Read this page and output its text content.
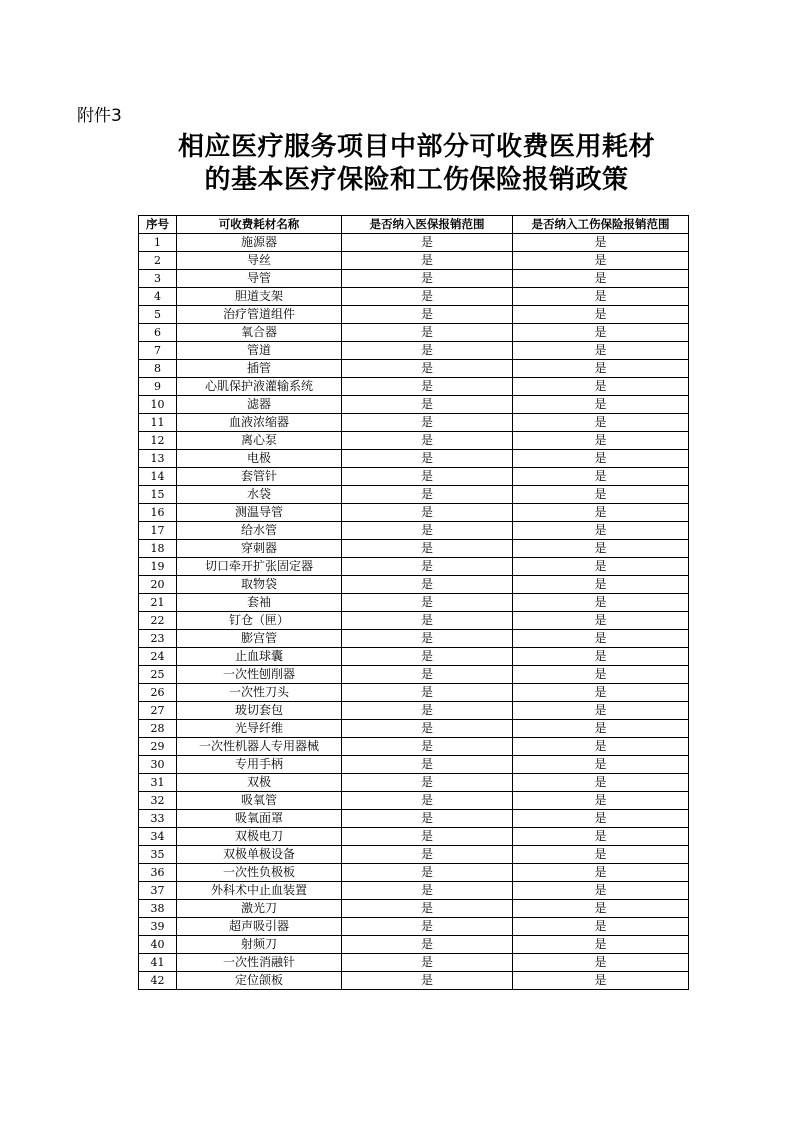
附件3
相应医疗服务项目中部分可收费医用耗材
的基本医疗保险和工伤保险报销政策
序号	可收费耗材名称	是否纳入医保报销范围	是否纳入工伤保险报销范围
1	施源器	是	是
2	导丝	是	是
3	导管	是	是
4	胆道支架	是	是
5	治疗管道组件	是	是
6	氧合器	是	是
7	管道	是	是
8	插管	是	是
9	心肌保护液灌输系统	是	是
10	滤器	是	是
11	血液浓缩器	是	是
12	离心泵	是	是
13	电极	是	是
14	套管针	是	是
15	水袋	是	是
16	测温导管	是	是
17	给水管	是	是
18	穿刺器	是	是
19	切口牵开扩张固定器	是	是
20	取物袋	是	是
21	套袖	是	是
22	钉仓（匣）	是	是
23	膨宫管	是	是
24	止血球囊	是	是
25	一次性刨削器	是	是
26	一次性刀头	是	是
27	玻切套包	是	是
28	光导纤维	是	是
29	一次性机器人专用器械	是	是
30	专用手柄	是	是
31	双极	是	是
32	吸氧管	是	是
33	吸氧面罩	是	是
34	双极电刀	是	是
35	双极单极设备	是	是
36	一次性负极板	是	是
37	外科术中止血装置	是	是
38	激光刀	是	是
39	超声吸引器	是	是
40	射频刀	是	是
41	一次性消融针	是	是
42	定位颌板	是	是
